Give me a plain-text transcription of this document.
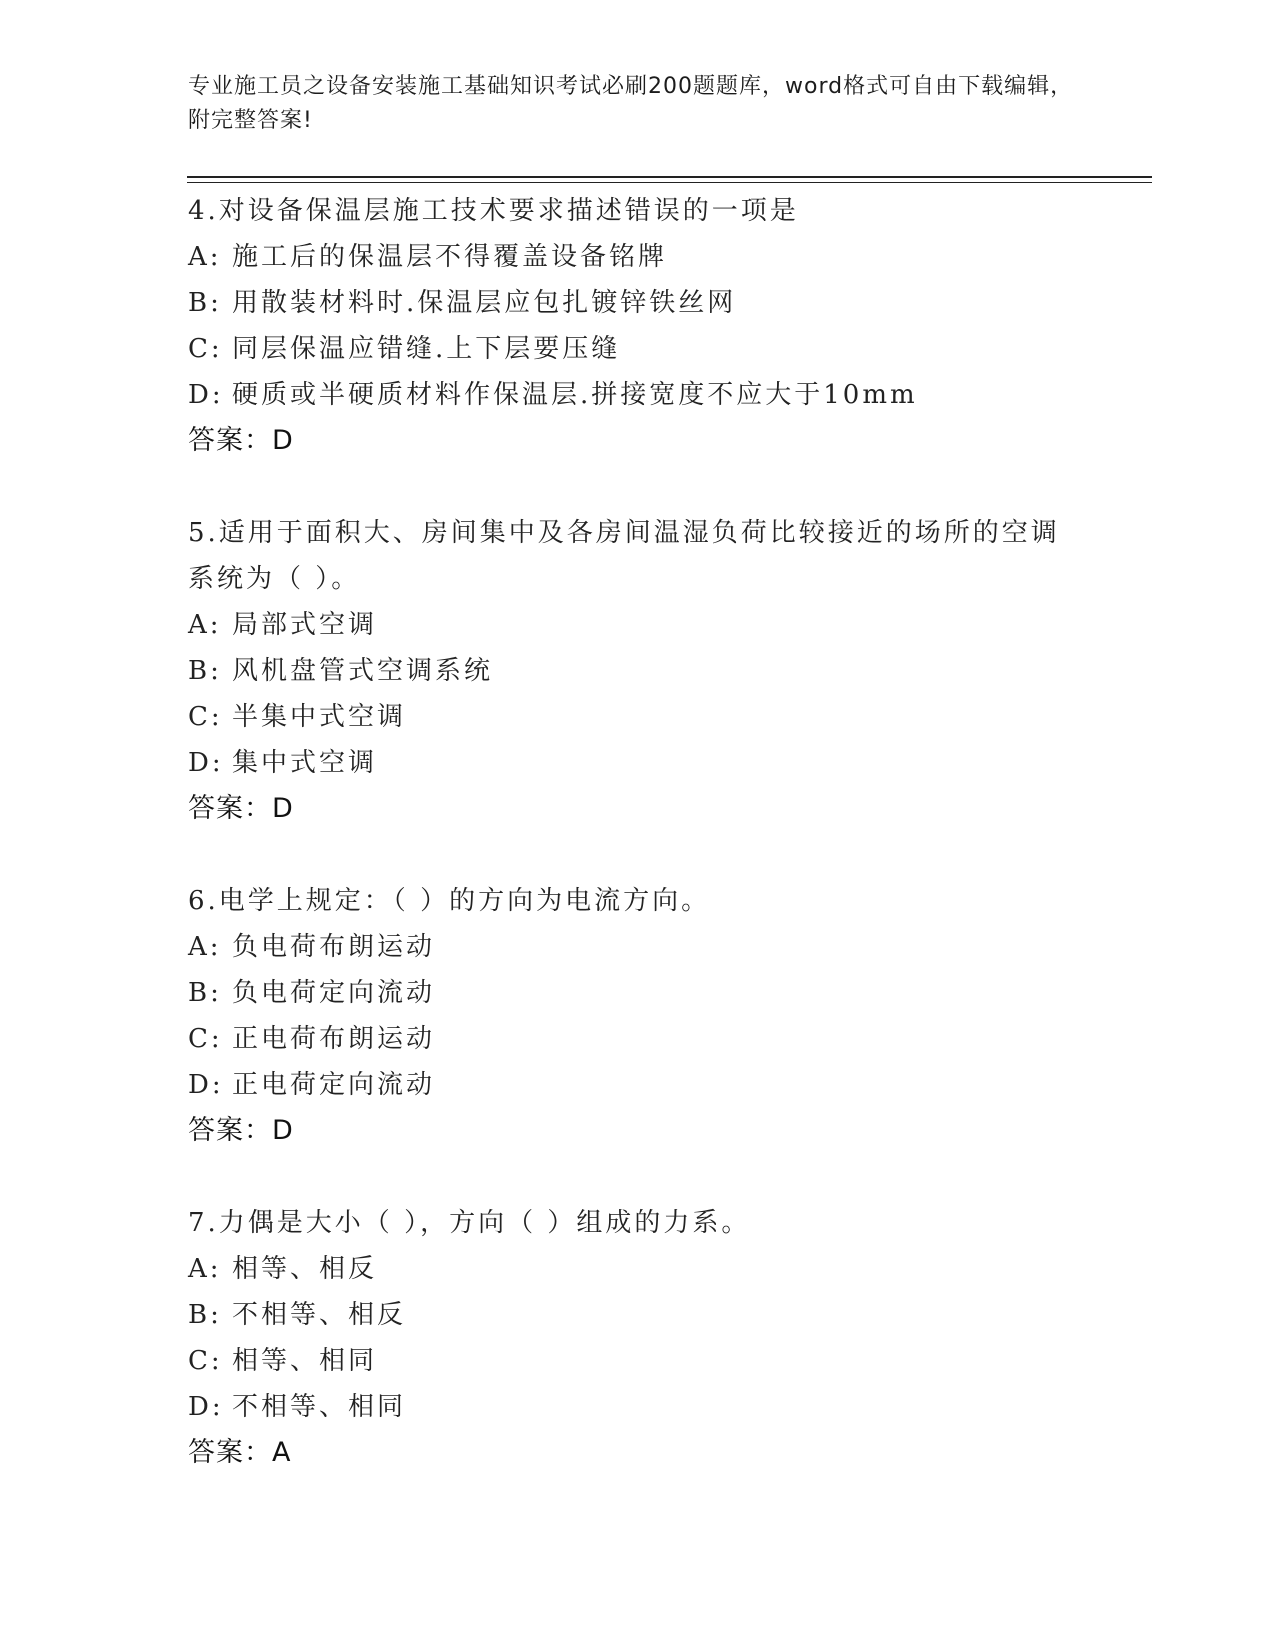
专业施工员之设备安装施工基础知识考试必刷200题题库，word格式可自由下载编辑，附完整答案!

4.对设备保温层施工技术要求描述错误的一项是

A: 施工后的保温层不得覆盖设备铭牌

B: 用散装材料时.保温层应包扎镀锌铁丝网

C: 同层保温应错缝.上下层要压缝

D: 硬质或半硬质材料作保温层.拼接宽度不应大于10mm

答案：D

5.适用于面积大、房间集中及各房间温湿负荷比较接近的场所的空调系统为（ ）。

A: 局部式空调

B: 风机盘管式空调系统

C: 半集中式空调

D: 集中式空调

答案：D

6.电学上规定：（ ）的方向为电流方向。

A: 负电荷布朗运动

B: 负电荷定向流动

C: 正电荷布朗运动

D: 正电荷定向流动

答案：D

7.力偶是大小（ ），方向（ ）组成的力系。

A: 相等、相反

B: 不相等、相反

C: 相等、相同

D: 不相等、相同

答案：A
